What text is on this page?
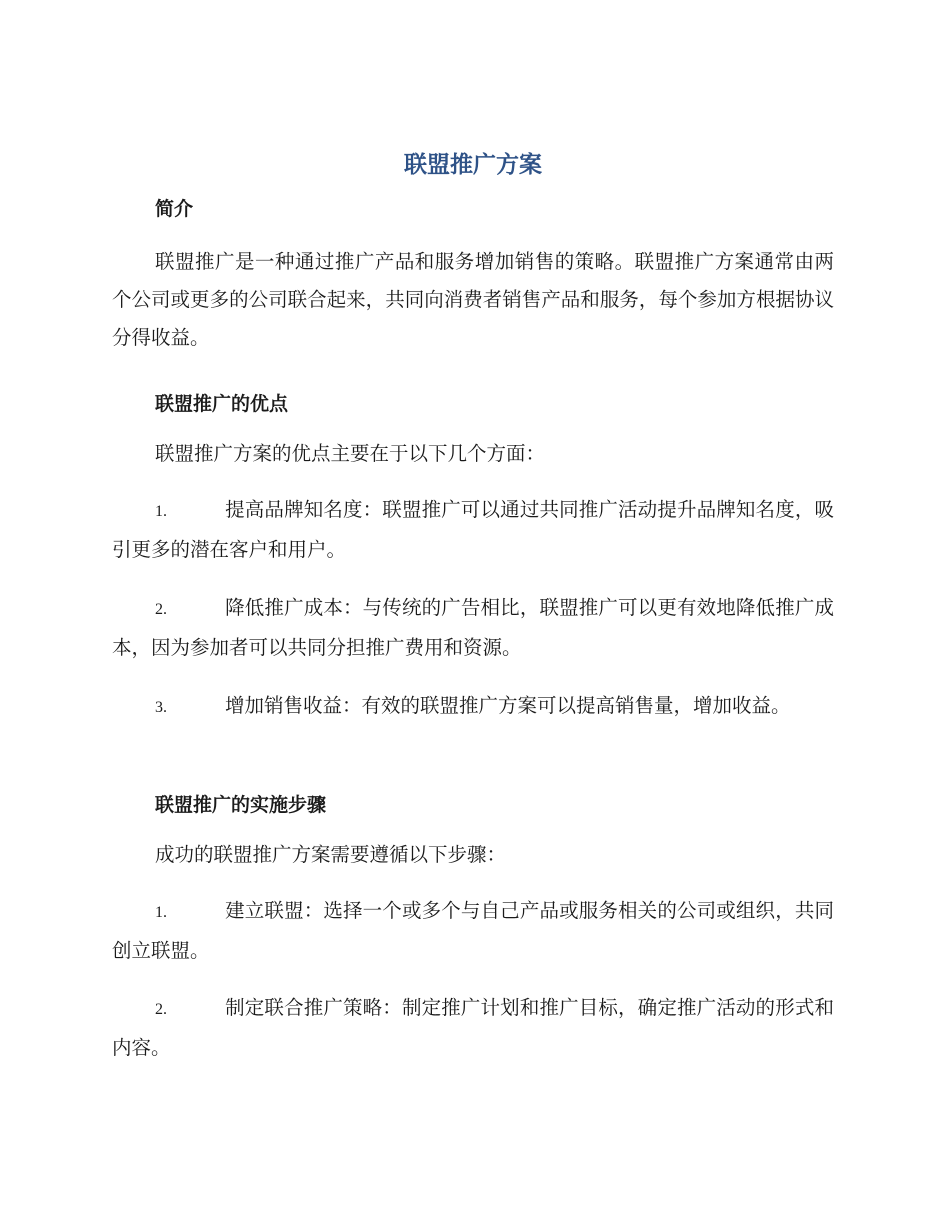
联盟推广方案
简介

联盟推广是一种通过推广产品和服务增加销售的策略。联盟推广方案通常由两个公司或更多的公司联合起来，共同向消费者销售产品和服务，每个参加方根据协议分得收益。

联盟推广的优点

联盟推广方案的优点主要在于以下几个方面：

1.	提高品牌知名度：联盟推广可以通过共同推广活动提升品牌知名度，吸引更多的潜在客户和用户。

2.	降低推广成本：与传统的广告相比，联盟推广可以更有效地降低推广成本，因为参加者可以共同分担推广费用和资源。

3.	增加销售收益：有效的联盟推广方案可以提高销售量，增加收益。

联盟推广的实施步骤

成功的联盟推广方案需要遵循以下步骤：

1.	建立联盟：选择一个或多个与自己产品或服务相关的公司或组织，共同创立联盟。

2.	制定联合推广策略：制定推广计划和推广目标，确定推广活动的形式和内容。
